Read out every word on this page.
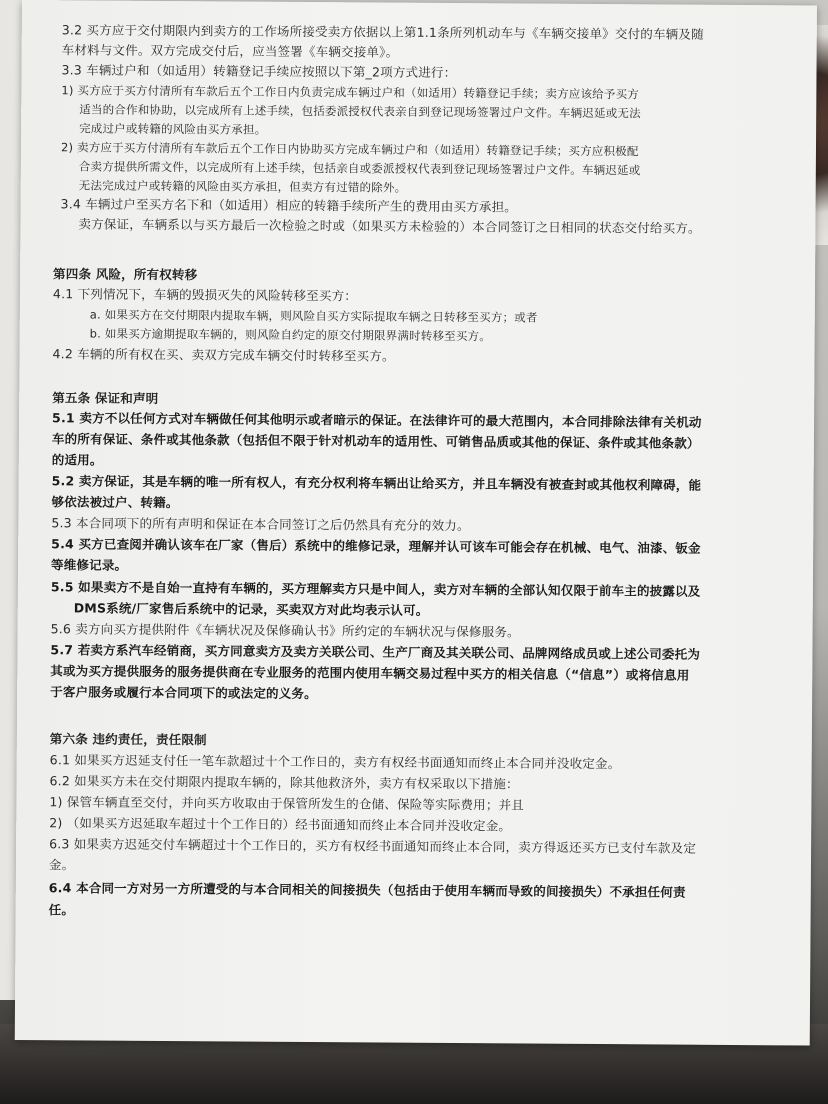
3.2 买方应于交付期限内到卖方的工作场所接受卖方依据以上第1.1条所列机动车与《车辆交接单》交付的车辆及随
车材料与文件。双方完成交付后，应当签署《车辆交接单》。
3.3 车辆过户和（如适用）转籍登记手续应按照以下第_2项方式进行：
1) 买方应于买方付清所有车款后五个工作日内负责完成车辆过户和（如适用）转籍登记手续；卖方应该给予买方
适当的合作和协助，以完成所有上述手续，包括委派授权代表亲自到登记现场签署过户文件。车辆迟延或无法
完成过户或转籍的风险由买方承担。
2) 卖方应于买方付清所有车款后五个工作日内协助买方完成车辆过户和（如适用）转籍登记手续；买方应积极配
合卖方提供所需文件，以完成所有上述手续，包括亲自或委派授权代表到登记现场签署过户文件。车辆迟延或
无法完成过户或转籍的风险由买方承担，但卖方有过错的除外。
3.4 车辆过户至买方名下和（如适用）相应的转籍手续所产生的费用由买方承担。
卖方保证，车辆系以与买方最后一次检验之时或（如果买方未检验的）本合同签订之日相同的状态交付给买方。
第四条 风险，所有权转移
4.1 下列情况下，车辆的毁损灭失的风险转移至买方：
a. 如果买方在交付期限内提取车辆，则风险自买方实际提取车辆之日转移至买方；或者
b. 如果买方逾期提取车辆的，则风险自约定的原交付期限界满时转移至买方。
4.2 车辆的所有权在买、卖双方完成车辆交付时转移至买方。
第五条 保证和声明
5.1 卖方不以任何方式对车辆做任何其他明示或者暗示的保证。在法律许可的最大范围内，本合同排除法律有关机动
车的所有保证、条件或其他条款（包括但不限于针对机动车的适用性、可销售品质或其他的保证、条件或其他条款）
的适用。
5.2 卖方保证，其是车辆的唯一所有权人，有充分权利将车辆出让给买方，并且车辆没有被查封或其他权利障碍，能
够依法被过户、转籍。
5.3 本合同项下的所有声明和保证在本合同签订之后仍然具有充分的效力。
5.4 买方已查阅并确认该车在厂家（售后）系统中的维修记录，理解并认可该车可能会存在机械、电气、油漆、钣金
等维修记录。
5.5 如果卖方不是自始一直持有车辆的，买方理解卖方只是中间人，卖方对车辆的全部认知仅限于前车主的披露以及
DMS系统/厂家售后系统中的记录，买卖双方对此均表示认可。
5.6 卖方向买方提供附件《车辆状况及保修确认书》所约定的车辆状况与保修服务。
5.7 若卖方系汽车经销商，买方同意卖方及卖方关联公司、生产厂商及其关联公司、品牌网络成员或上述公司委托为
其或为买方提供服务的服务提供商在专业服务的范围内使用车辆交易过程中买方的相关信息（“信息”）或将信息用
于客户服务或履行本合同项下的或法定的义务。
第六条 违约责任，责任限制
6.1 如果买方迟延支付任一笔车款超过十个工作日的，卖方有权经书面通知而终止本合同并没收定金。
6.2 如果买方未在交付期限内提取车辆的，除其他救济外，卖方有权采取以下措施：
1) 保管车辆直至交付，并向买方收取由于保管所发生的仓储、保险等实际费用；并且
2) （如果买方迟延取车超过十个工作日的）经书面通知而终止本合同并没收定金。
6.3 如果卖方迟延交付车辆超过十个工作日的，买方有权经书面通知而终止本合同，卖方得返还买方已支付车款及定
金。
6.4 本合同一方对另一方所遭受的与本合同相关的间接损失（包括由于使用车辆而导致的间接损失）不承担任何责
任。
